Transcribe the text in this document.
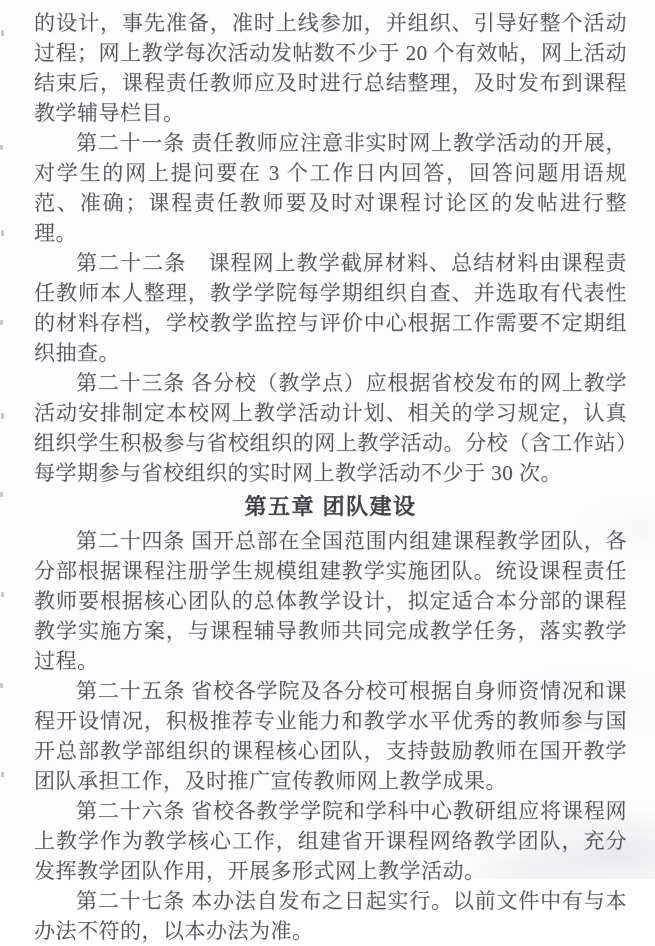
的设计，事先准备，准时上线参加，并组织、引导好整个活动过程；网上教学每次活动发帖数不少于 20 个有效帖，网上活动结束后，课程责任教师应及时进行总结整理，及时发布到课程教学辅导栏目。

第二十一条 责任教师应注意非实时网上教学活动的开展，对学生的网上提问要在 3 个工作日内回答，回答问题用语规范、准确；课程责任教师要及时对课程讨论区的发帖进行整理。

第二十二条　课程网上教学截屏材料、总结材料由课程责任教师本人整理，教学学院每学期组织自查、并选取有代表性的材料存档，学校教学监控与评价中心根据工作需要不定期组织抽查。

第二十三条 各分校（教学点）应根据省校发布的网上教学活动安排制定本校网上教学活动计划、相关的学习规定，认真组织学生积极参与省校组织的网上教学活动。分校（含工作站）每学期参与省校组织的实时网上教学活动不少于 30 次。

第五章 团队建设

第二十四条 国开总部在全国范围内组建课程教学团队，各分部根据课程注册学生规模组建教学实施团队。统设课程责任教师要根据核心团队的总体教学设计，拟定适合本分部的课程教学实施方案，与课程辅导教师共同完成教学任务，落实教学过程。

第二十五条 省校各学院及各分校可根据自身师资情况和课程开设情况，积极推荐专业能力和教学水平优秀的教师参与国开总部教学部组织的课程核心团队，支持鼓励教师在国开教学团队承担工作，及时推广宣传教师网上教学成果。

第二十六条 省校各教学学院和学科中心教研组应将课程网上教学作为教学核心工作，组建省开课程网络教学团队，充分发挥教学团队作用，开展多形式网上教学活动。

第二十七条 本办法自发布之日起实行。以前文件中有与本办法不符的，以本办法为准。
